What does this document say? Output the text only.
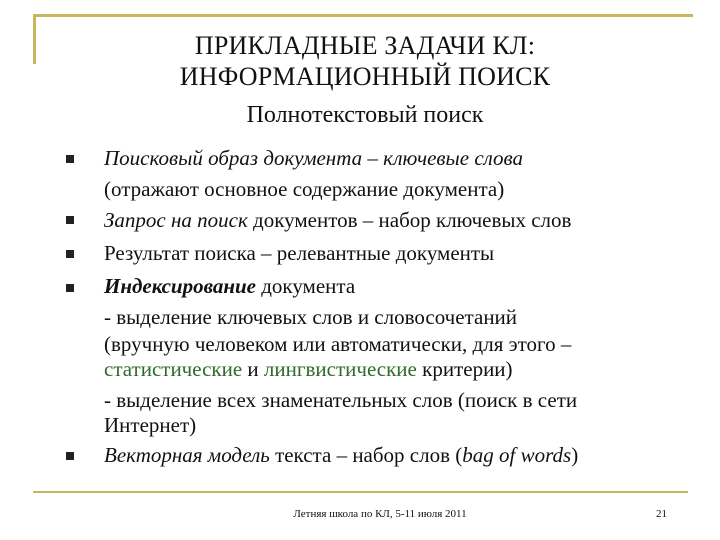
ПРИКЛАДНЫЕ ЗАДАЧИ КЛ:
ИНФОРМАЦИОННЫЙ ПОИСК
Полнотекстовый поиск
Поисковый образ документа – ключевые слова
(отражают основное содержание документа)
Запрос на поиск документов – набор ключевых слов
Результат поиска – релевантные документы
Индексирование документа
- выделение ключевых слов и словосочетаний
(вручную человеком или автоматически, для этого –
статистические и лингвистические критерии)
- выделение всех знаменательных слов (поиск в сети
Интернет)
Векторная модель текста – набор слов (bag of words)
Летняя школа по КЛ, 5-11 июля 2011	21
